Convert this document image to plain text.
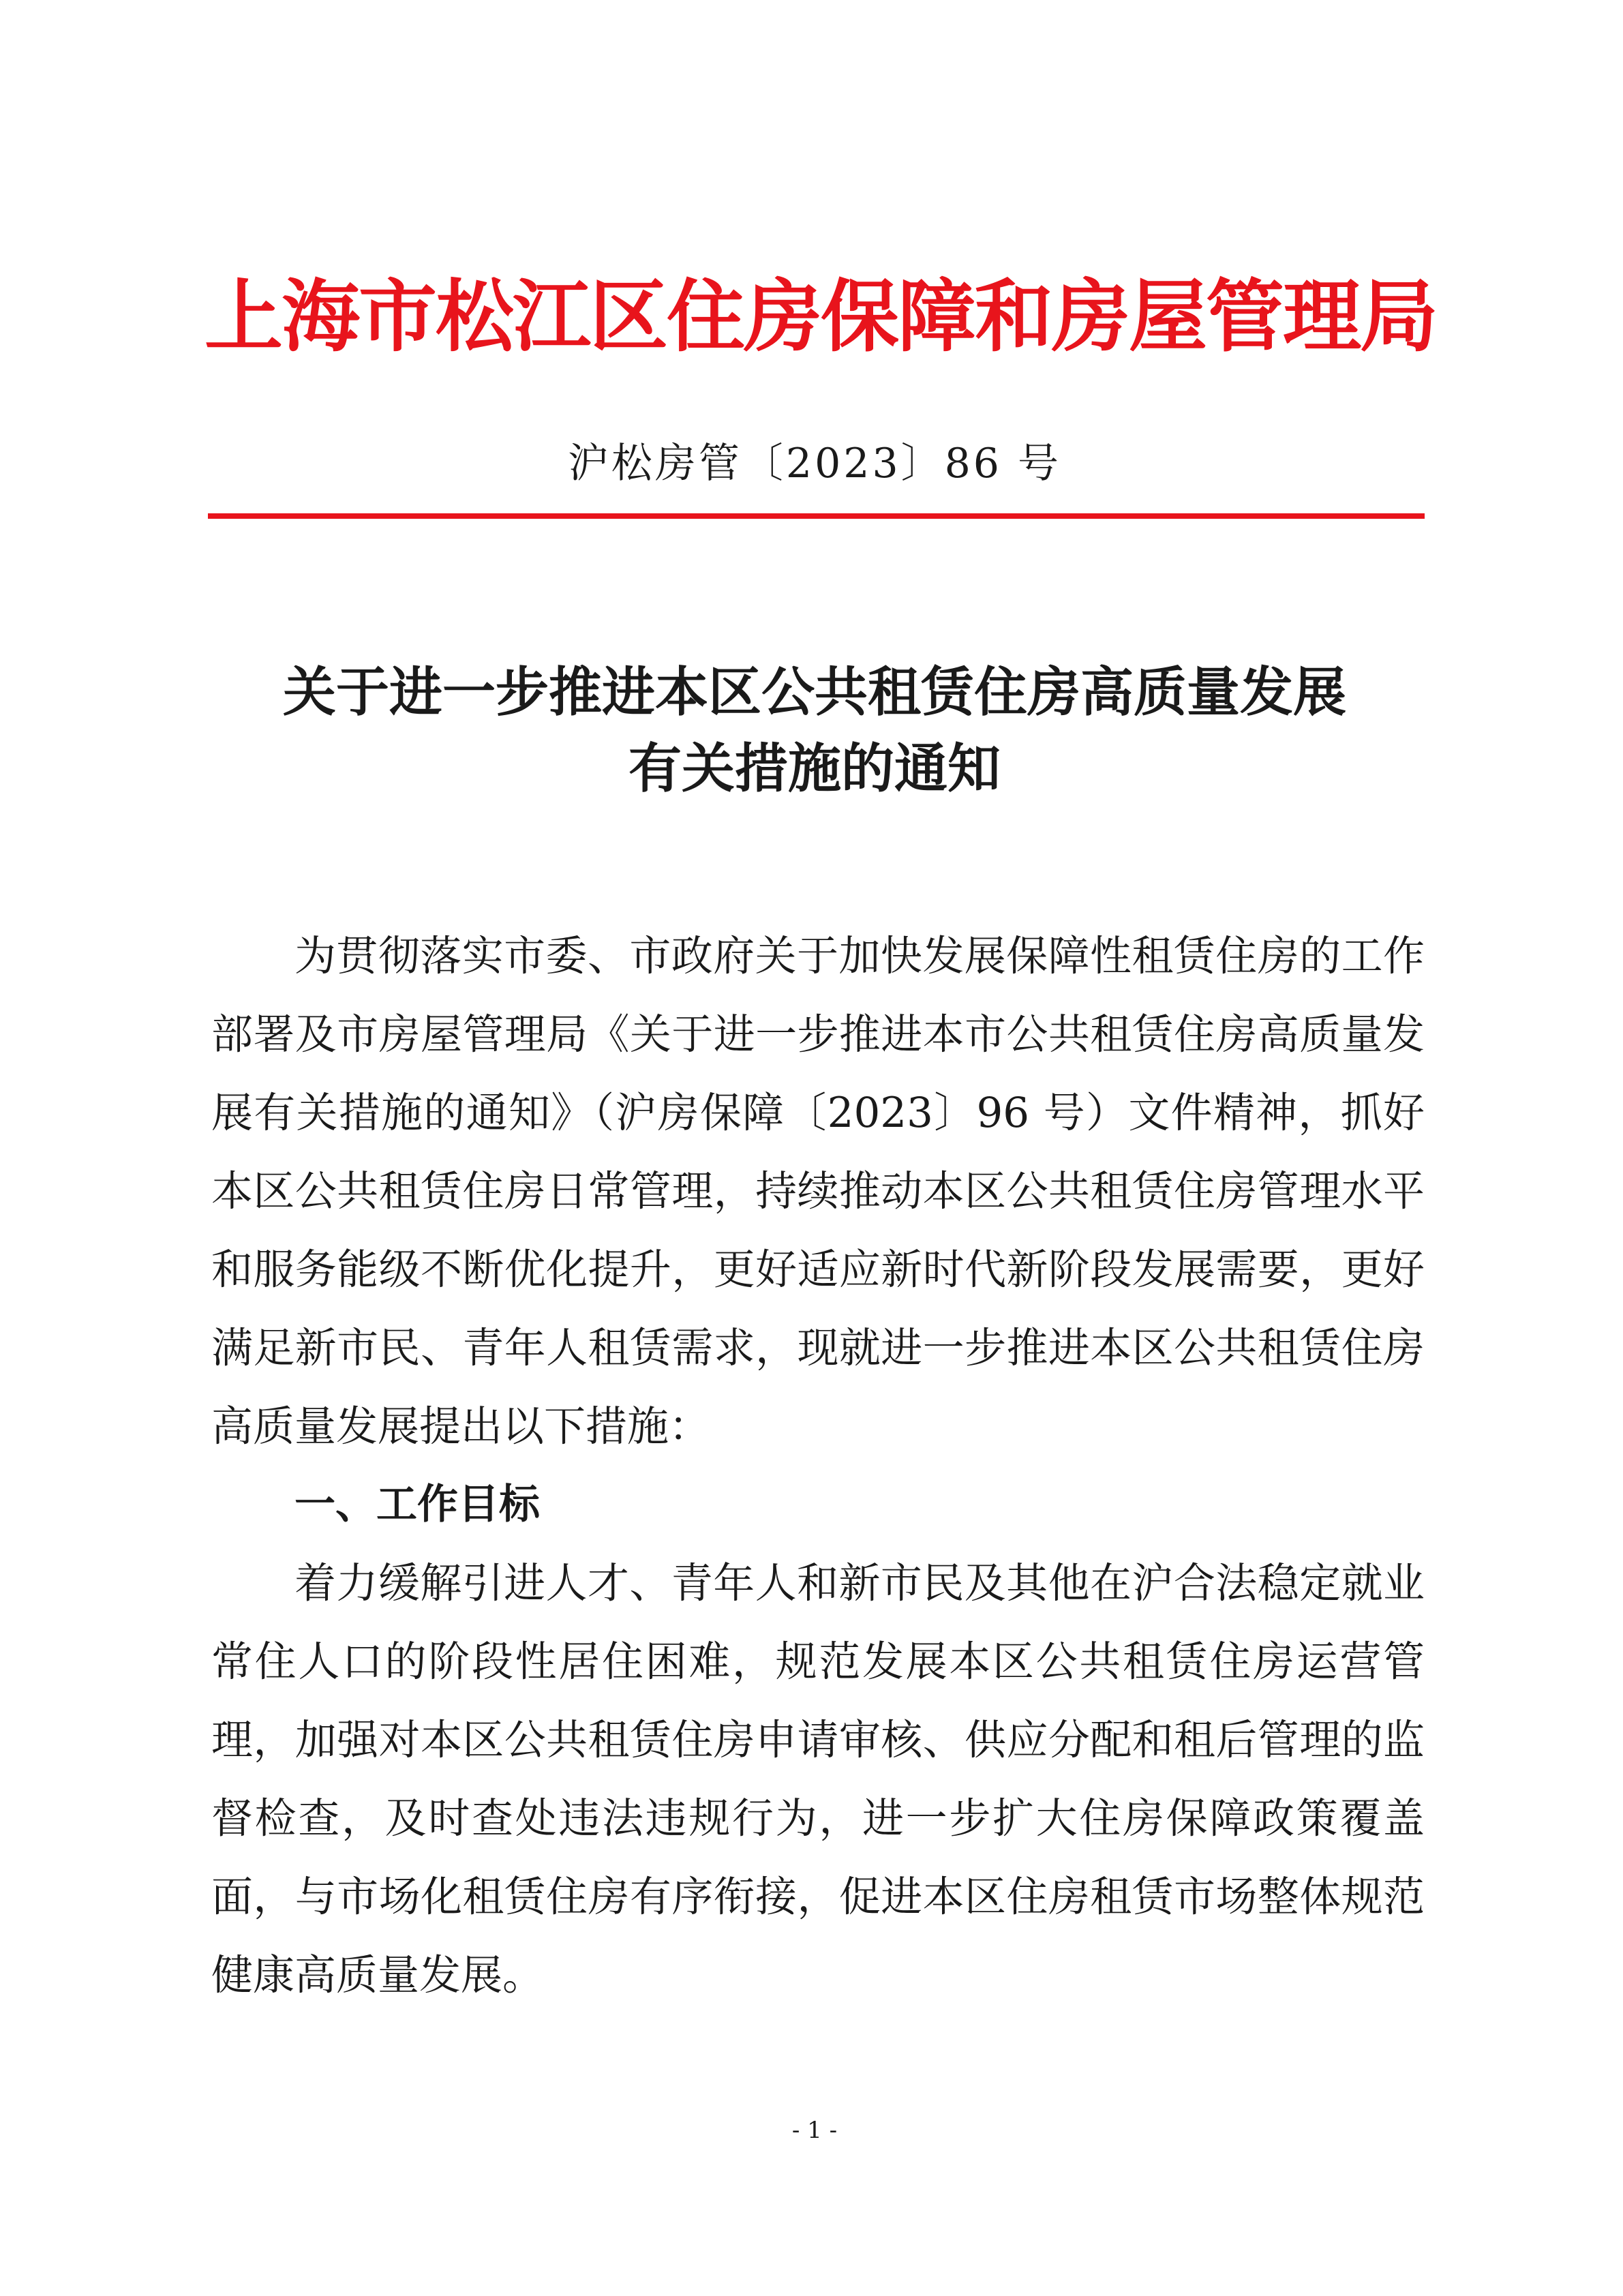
上海市松江区住房保障和房屋管理局
沪松房管〔2023〕86 号
关于进一步推进本区公共租赁住房高质量发展
有关措施的通知

为贯彻落实市委、市政府关于加快发展保障性租赁住房的工作部署及市房屋管理局《关于进一步推进本市公共租赁住房高质量发展有关措施的通知》（沪房保障〔2023〕96 号）文件精神，抓好本区公共租赁住房日常管理，持续推动本区公共租赁住房管理水平和服务能级不断优化提升，更好适应新时代新阶段发展需要，更好满足新市民、青年人租赁需求，现就进一步推进本区公共租赁住房高质量发展提出以下措施：

一、工作目标

着力缓解引进人才、青年人和新市民及其他在沪合法稳定就业常住人口的阶段性居住困难，规范发展本区公共租赁住房运营管理，加强对本区公共租赁住房申请审核、供应分配和租后管理的监督检查，及时查处违法违规行为，进一步扩大住房保障政策覆盖面，与市场化租赁住房有序衔接，促进本区住房租赁市场整体规范健康高质量发展。

- 1 -
